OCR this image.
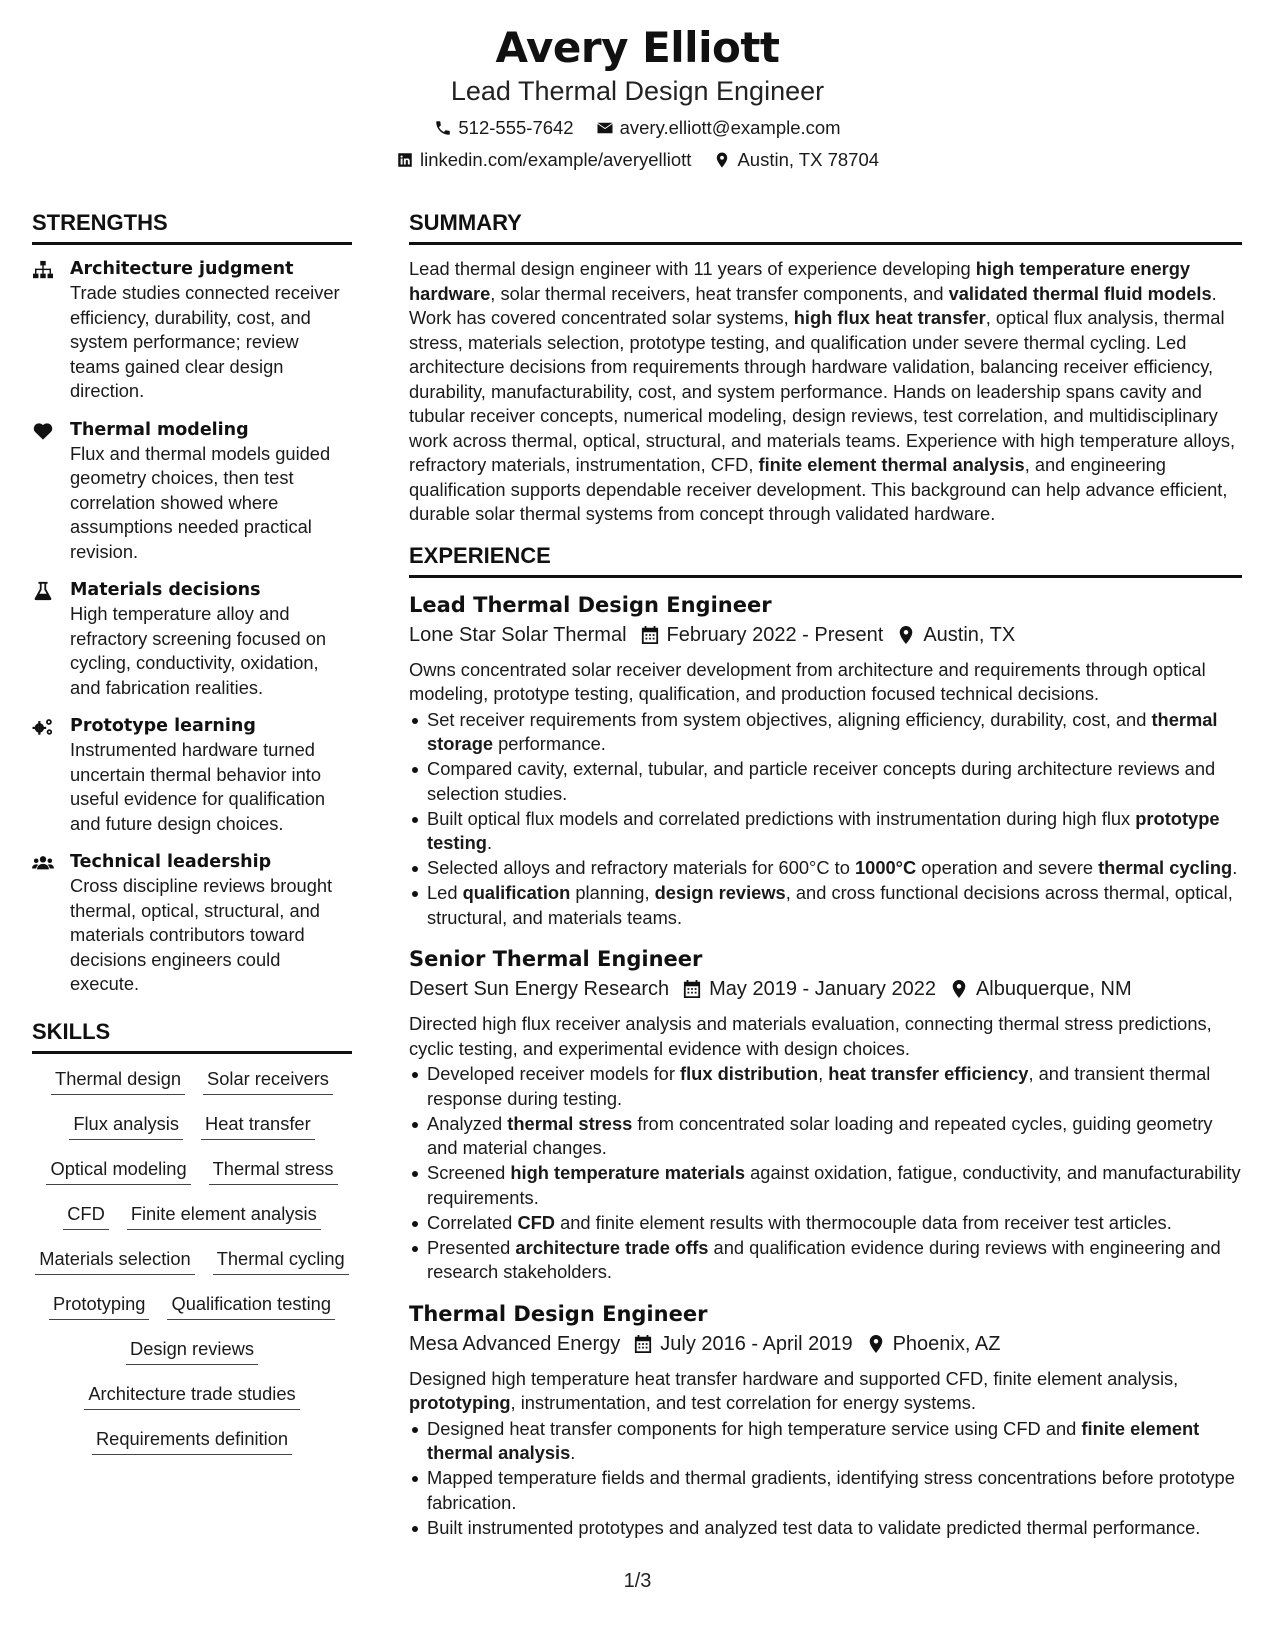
Avery Elliott
Lead Thermal Design Engineer
512-555-7642 avery.elliott@example.com
linkedin.com/example/averyelliott Austin, TX 78704
STRENGTHS
Architecture judgment
Trade studies connected receiver efficiency, durability, cost, and system performance; review teams gained clear design direction.
Thermal modeling
Flux and thermal models guided geometry choices, then test correlation showed where assumptions needed practical revision.
Materials decisions
High temperature alloy and refractory screening focused on cycling, conductivity, oxidation, and fabrication realities.
Prototype learning
Instrumented hardware turned uncertain thermal behavior into useful evidence for qualification and future design choices.
Technical leadership
Cross discipline reviews brought thermal, optical, structural, and materials contributors toward decisions engineers could execute.
SKILLS
Thermal design Solar receivers
Flux analysis Heat transfer
Optical modeling Thermal stress
CFD Finite element analysis
Materials selection Thermal cycling
Prototyping Qualification testing
Design reviews
Architecture trade studies
Requirements definition
SUMMARY

Lead thermal design engineer with 11 years of experience developing high temperature energy hardware, solar thermal receivers, heat transfer components, and validated thermal fluid models. Work has covered concentrated solar systems, high flux heat transfer, optical flux analysis, thermal stress, materials selection, prototype testing, and qualification under severe thermal cycling. Led architecture decisions from requirements through hardware validation, balancing receiver efficiency, durability, manufacturability, cost, and system performance. Hands on leadership spans cavity and tubular receiver concepts, numerical modeling, design reviews, test correlation, and multidisciplinary work across thermal, optical, structural, and materials teams. Experience with high temperature alloys, refractory materials, instrumentation, CFD, finite element thermal analysis, and engineering qualification supports dependable receiver development. This background can help advance efficient, durable solar thermal systems from concept through validated hardware.

EXPERIENCE
Lead Thermal Design Engineer
Lone Star Solar Thermal February 2022 - Present Austin, TX
Owns concentrated solar receiver development from architecture and requirements through optical modeling, prototype testing, qualification, and production focused technical decisions.
Set receiver requirements from system objectives, aligning efficiency, durability, cost, and thermal storage performance.
Compared cavity, external, tubular, and particle receiver concepts during architecture reviews and selection studies.
Built optical flux models and correlated predictions with instrumentation during high flux prototype testing.
Selected alloys and refractory materials for 600°C to 1000°C operation and severe thermal cycling.
Led qualification planning, design reviews, and cross functional decisions across thermal, optical, structural, and materials teams.
Senior Thermal Engineer
Desert Sun Energy Research May 2019 - January 2022 Albuquerque, NM
Directed high flux receiver analysis and materials evaluation, connecting thermal stress predictions, cyclic testing, and experimental evidence with design choices.
Developed receiver models for flux distribution, heat transfer efficiency, and transient thermal response during testing.
Analyzed thermal stress from concentrated solar loading and repeated cycles, guiding geometry and material changes.
Screened high temperature materials against oxidation, fatigue, conductivity, and manufacturability requirements.
Correlated CFD and finite element results with thermocouple data from receiver test articles.
Presented architecture trade offs and qualification evidence during reviews with engineering and research stakeholders.
Thermal Design Engineer
Mesa Advanced Energy July 2016 - April 2019 Phoenix, AZ
Designed high temperature heat transfer hardware and supported CFD, finite element analysis, prototyping, instrumentation, and test correlation for energy systems.
Designed heat transfer components for high temperature service using CFD and finite element thermal analysis.
Mapped temperature fields and thermal gradients, identifying stress concentrations before prototype fabrication.
Built instrumented prototypes and analyzed test data to validate predicted thermal performance.
1/3
